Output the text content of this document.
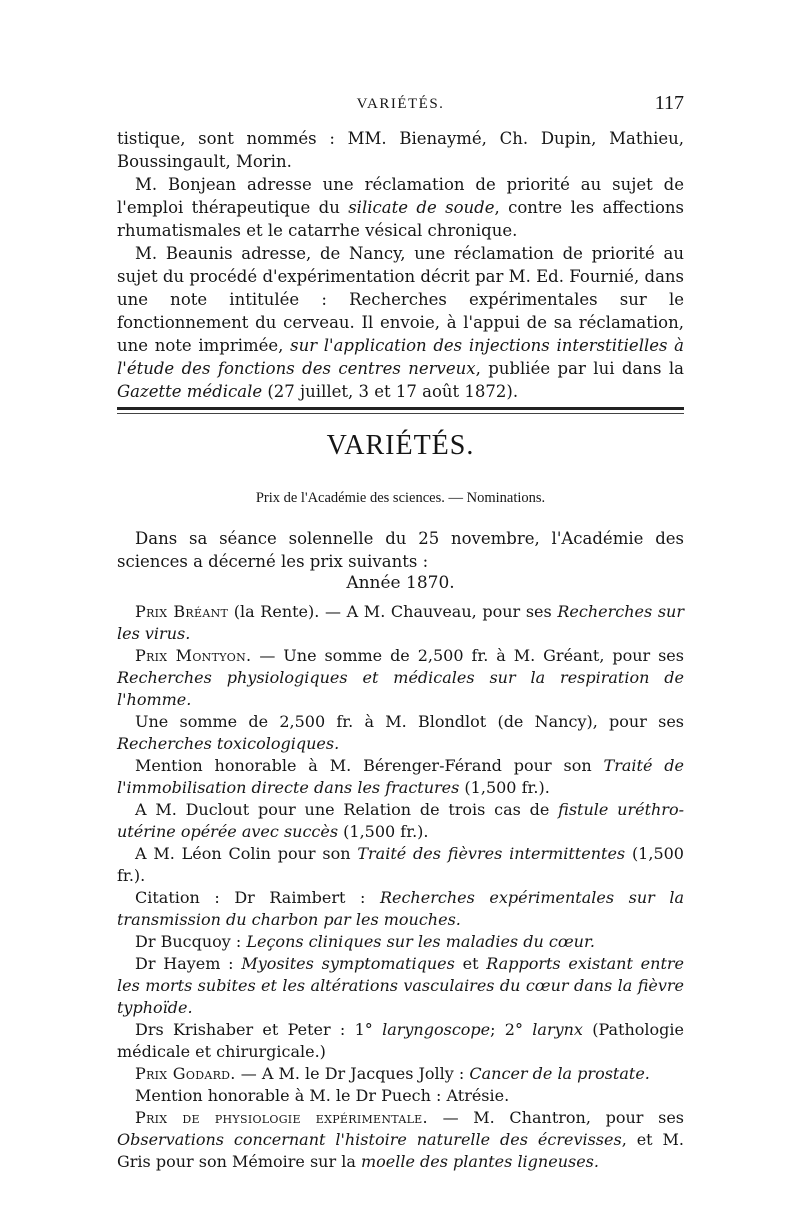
VARIÉTÉS.	117

tistique, sont nommés : MM. Bienaymé, Ch. Dupin, Mathieu, Boussingault, Morin.

M. Bonjean adresse une réclamation de priorité au sujet de l'emploi thérapeutique du silicate de soude, contre les affections rhumatismales et le catarrhe vésical chronique.

M. Beaunis adresse, de Nancy, une réclamation de priorité au sujet du procédé d'expérimentation décrit par M. Ed. Fournié, dans une note intitulée : Recherches expérimentales sur le fonctionnement du cerveau. Il envoie, à l'appui de sa réclamation, une note imprimée, sur l'application des injections interstitielles à l'étude des fonctions des centres nerveux, publiée par lui dans la Gazette médicale (27 juillet, 3 et 17 août 1872).

VARIÉTÉS.
Prix de l'Académie des sciences. — Nominations.

Dans sa séance solennelle du 25 novembre, l'Académie des sciences a décerné les prix suivants :

Année 1870.

Prix Bréant (la Rente). — A M. Chauveau, pour ses Recherches sur les virus.

Prix Montyon. — Une somme de 2,500 fr. à M. Gréant, pour ses Recherches physiologiques et médicales sur la respiration de l'homme.

Une somme de 2,500 fr. à M. Blondlot (de Nancy), pour ses Recherches toxicologiques.

Mention honorable à M. Bérenger-Férand pour son Traité de l'immobilisation directe dans les fractures (1,500 fr.).

A M. Duclout pour une Relation de trois cas de fistule uréthro-utérine opérée avec succès (1,500 fr.).

A M. Léon Colin pour son Traité des fièvres intermittentes (1,500 fr.).

Citation : Dr Raimbert : Recherches expérimentales sur la transmission du charbon par les mouches.

Dr Bucquoy : Leçons cliniques sur les maladies du cœur.

Dr Hayem : Myosites symptomatiques et Rapports existant entre les morts subites et les altérations vasculaires du cœur dans la fièvre typhoïde.

Drs Krishaber et Peter : 1° laryngoscope; 2° larynx (Pathologie médicale et chirurgicale.)

Prix Godard. — A M. le Dr Jacques Jolly : Cancer de la prostate.

Mention honorable à M. le Dr Puech : Atrésie.

Prix de physiologie expérimentale. — M. Chantron, pour ses Observations concernant l'histoire naturelle des écrevisses, et M. Gris pour son Mémoire sur la moelle des plantes ligneuses.
